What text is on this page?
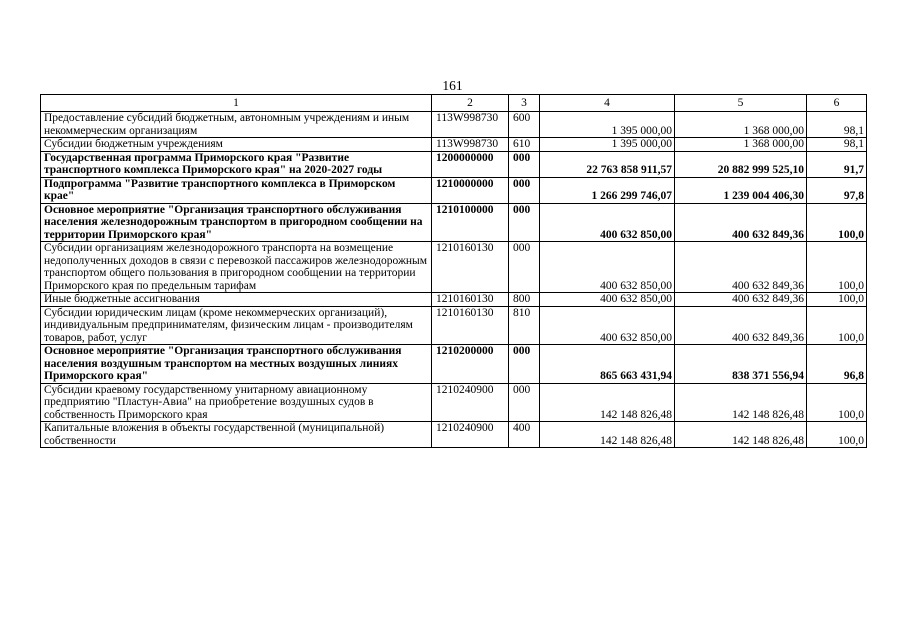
161
1	2	3	4	5	6
Предоставление субсидий бюджетным, автономным учреждениям и иным некоммерческим организациям	113W998730	600	1 395 000,00	1 368 000,00	98,1
Субсидии бюджетным учреждениям	113W998730	610	1 395 000,00	1 368 000,00	98,1
Государственная программа Приморского края "Развитие транспортного комплекса Приморского края" на 2020-2027 годы	1200000000	000	22 763 858 911,57	20 882 999 525,10	91,7
Подпрограмма "Развитие транспортного комплекса в Приморском крае"	1210000000	000	1 266 299 746,07	1 239 004 406,30	97,8
Основное мероприятие "Организация транспортного обслуживания населения железнодорожным транспортом в пригородном сообщении на территории Приморского края"	1210100000	000	400 632 850,00	400 632 849,36	100,0
Субсидии организациям железнодорожного транспорта на возмещение недополученных доходов в связи с перевозкой пассажиров железнодорожным транспортом общего пользования в пригородном сообщении на территории Приморского края по предельным тарифам	1210160130	000	400 632 850,00	400 632 849,36	100,0
Иные бюджетные ассигнования	1210160130	800	400 632 850,00	400 632 849,36	100,0
Субсидии юридическим лицам (кроме некоммерческих организаций), индивидуальным предпринимателям, физическим лицам - производителям товаров, работ, услуг	1210160130	810	400 632 850,00	400 632 849,36	100,0
Основное мероприятие "Организация транспортного обслуживания населения воздушным транспортом на местных воздушных линиях Приморского края"	1210200000	000	865 663 431,94	838 371 556,94	96,8
Субсидии краевому государственному унитарному авиационному предприятию "Пластун-Авиа" на приобретение воздушных судов в собственность Приморского края	1210240900	000	142 148 826,48	142 148 826,48	100,0
Капитальные вложения в объекты государственной (муниципальной) собственности	1210240900	400	142 148 826,48	142 148 826,48	100,0
